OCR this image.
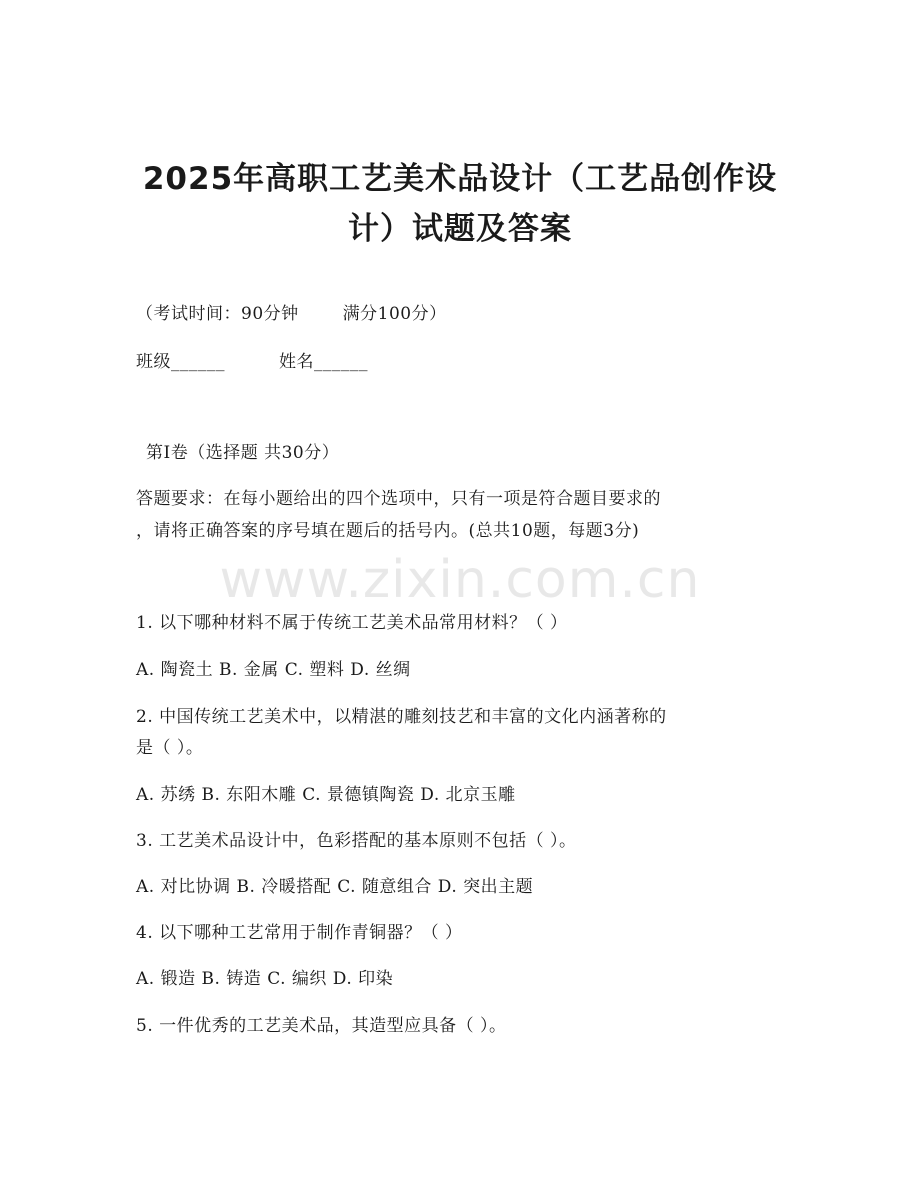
2025年高职工艺美术品设计（工艺品创作设
计）试题及答案
（考试时间：90分钟	满分100分）
班级______	姓名______
第Ⅰ卷（选择题 共30分）
答题要求：在每小题给出的四个选项中，只有一项是符合题目要求的
，请将正确答案的序号填在题后的括号内。(总共10题，每题3分)
www.zixin.com.cn
1. 以下哪种材料不属于传统工艺美术品常用材料？（ ）
A. 陶瓷土 B. 金属 C. 塑料 D. 丝绸
2. 中国传统工艺美术中，以精湛的雕刻技艺和丰富的文化内涵著称的
是（ ）。
A. 苏绣 B. 东阳木雕 C. 景德镇陶瓷 D. 北京玉雕
3. 工艺美术品设计中，色彩搭配的基本原则不包括（ ）。
A. 对比协调 B. 冷暖搭配 C. 随意组合 D. 突出主题
4. 以下哪种工艺常用于制作青铜器？（ ）
A. 锻造 B. 铸造 C. 编织 D. 印染
5. 一件优秀的工艺美术品，其造型应具备（ ）。
